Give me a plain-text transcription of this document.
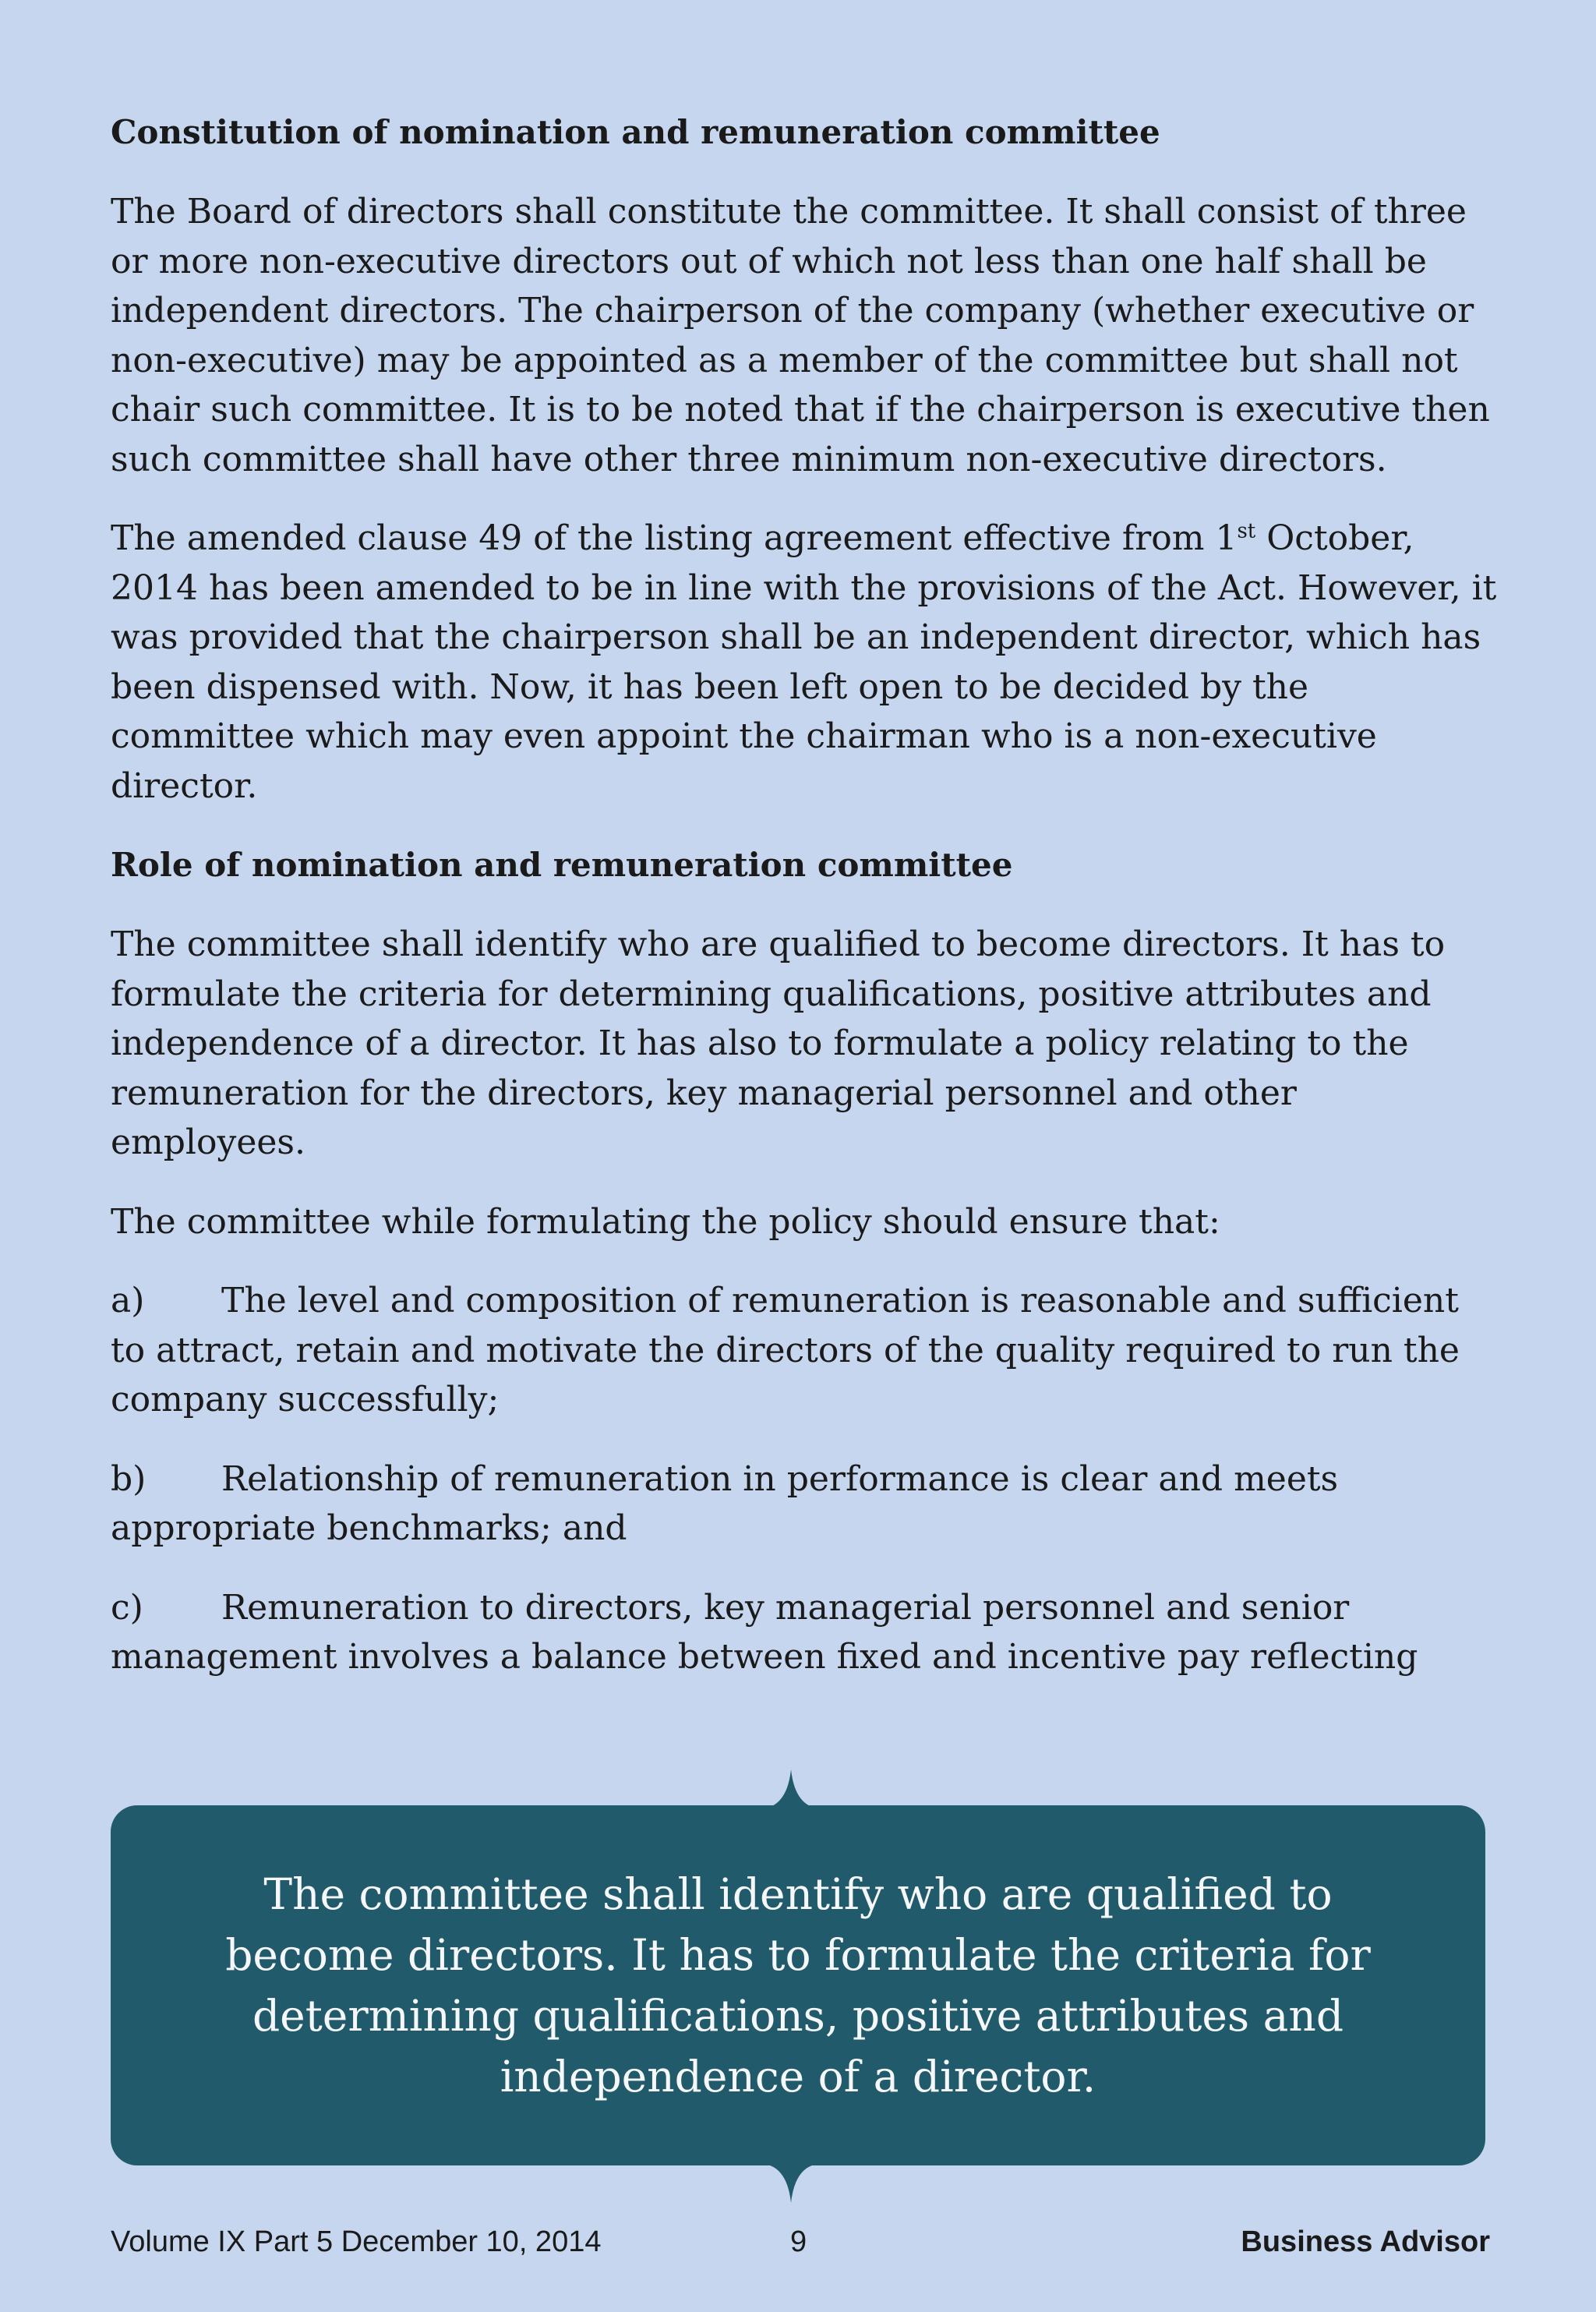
Constitution of nomination and remuneration committee

The Board of directors shall constitute the committee. It shall consist of three or more non-executive directors out of which not less than one half shall be independent directors. The chairperson of the company (whether executive or non-executive) may be appointed as a member of the committee but shall not chair such committee. It is to be noted that if the chairperson is executive then such committee shall have other three minimum non-executive directors.

The amended clause 49 of the listing agreement effective from 1st October, 2014 has been amended to be in line with the provisions of the Act. However, it was provided that the chairperson shall be an independent director, which has been dispensed with. Now, it has been left open to be decided by the committee which may even appoint the chairman who is a non-executive director.

Role of nomination and remuneration committee

The committee shall identify who are qualified to become directors. It has to formulate the criteria for determining qualifications, positive attributes and independence of a director. It has also to formulate a policy relating to the remuneration for the directors, key managerial personnel and other employees.

The committee while formulating the policy should ensure that:

a) The level and composition of remuneration is reasonable and sufficient to attract, retain and motivate the directors of the quality required to run the company successfully;

b) Relationship of remuneration in performance is clear and meets appropriate benchmarks; and

c) Remuneration to directors, key managerial personnel and senior management involves a balance between fixed and incentive pay reflecting

The committee shall identify who are qualified to become directors. It has to formulate the criteria for determining qualifications, positive attributes and independence of a director.

Volume IX Part 5 December 10, 2014	9	Business Advisor
